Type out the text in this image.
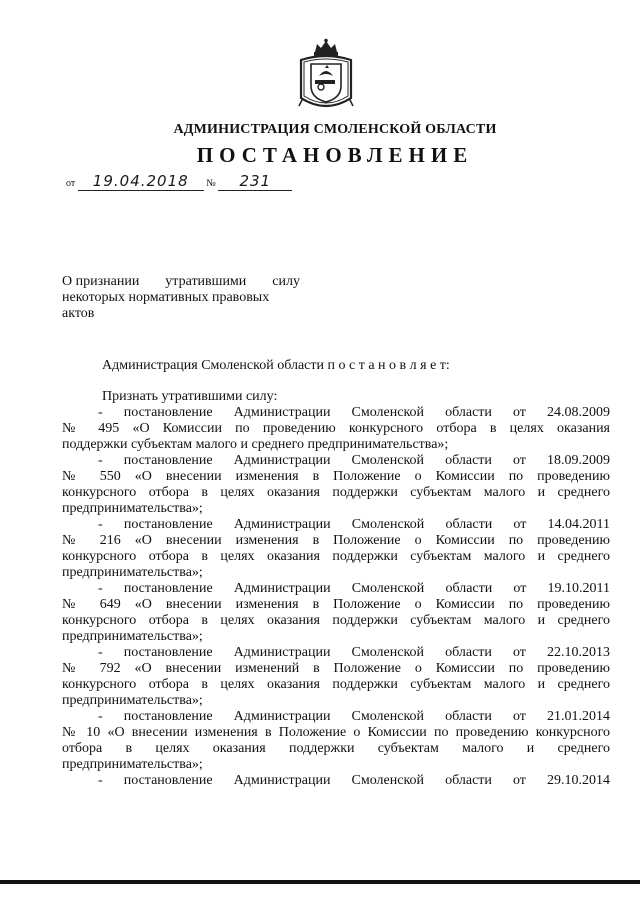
АДМИНИСТРАЦИЯ СМОЛЕНСКОЙ ОБЛАСТИ
ПОСТАНОВЛЕНИЕ
от 19.04.2018 № 231
О признании утратившими силу
некоторых нормативных правовых
актов
Администрация Смоленской области п о с т а н о в л я е т:
Признать утратившими силу:
- постановление Администрации Смоленской области от 24.08.2009
№ 495 «О Комиссии по проведению конкурсного отбора в целях оказания
поддержки субъектам малого и среднего предпринимательства»;
- постановление Администрации Смоленской области от 18.09.2009
№ 550 «О внесении изменения в Положение о Комиссии по проведению
конкурсного отбора в целях оказания поддержки субъектам малого и среднего
предпринимательства»;
- постановление Администрации Смоленской области от 14.04.2011
№ 216 «О внесении изменения в Положение о Комиссии по проведению
конкурсного отбора в целях оказания поддержки субъектам малого и среднего
предпринимательства»;
- постановление Администрации Смоленской области от 19.10.2011
№ 649 «О внесении изменения в Положение о Комиссии по проведению
конкурсного отбора в целях оказания поддержки субъектам малого и среднего
предпринимательства»;
- постановление Администрации Смоленской области от 22.10.2013
№ 792 «О внесении изменений в Положение о Комиссии по проведению
конкурсного отбора в целях оказания поддержки субъектам малого и среднего
предпринимательства»;
- постановление Администрации Смоленской области от 21.01.2014
№ 10 «О внесении изменения в Положение о Комиссии по проведению конкурсного
отбора в целях оказания поддержки субъектам малого и среднего
предпринимательства»;
- постановление Администрации Смоленской области от 29.10.2014
